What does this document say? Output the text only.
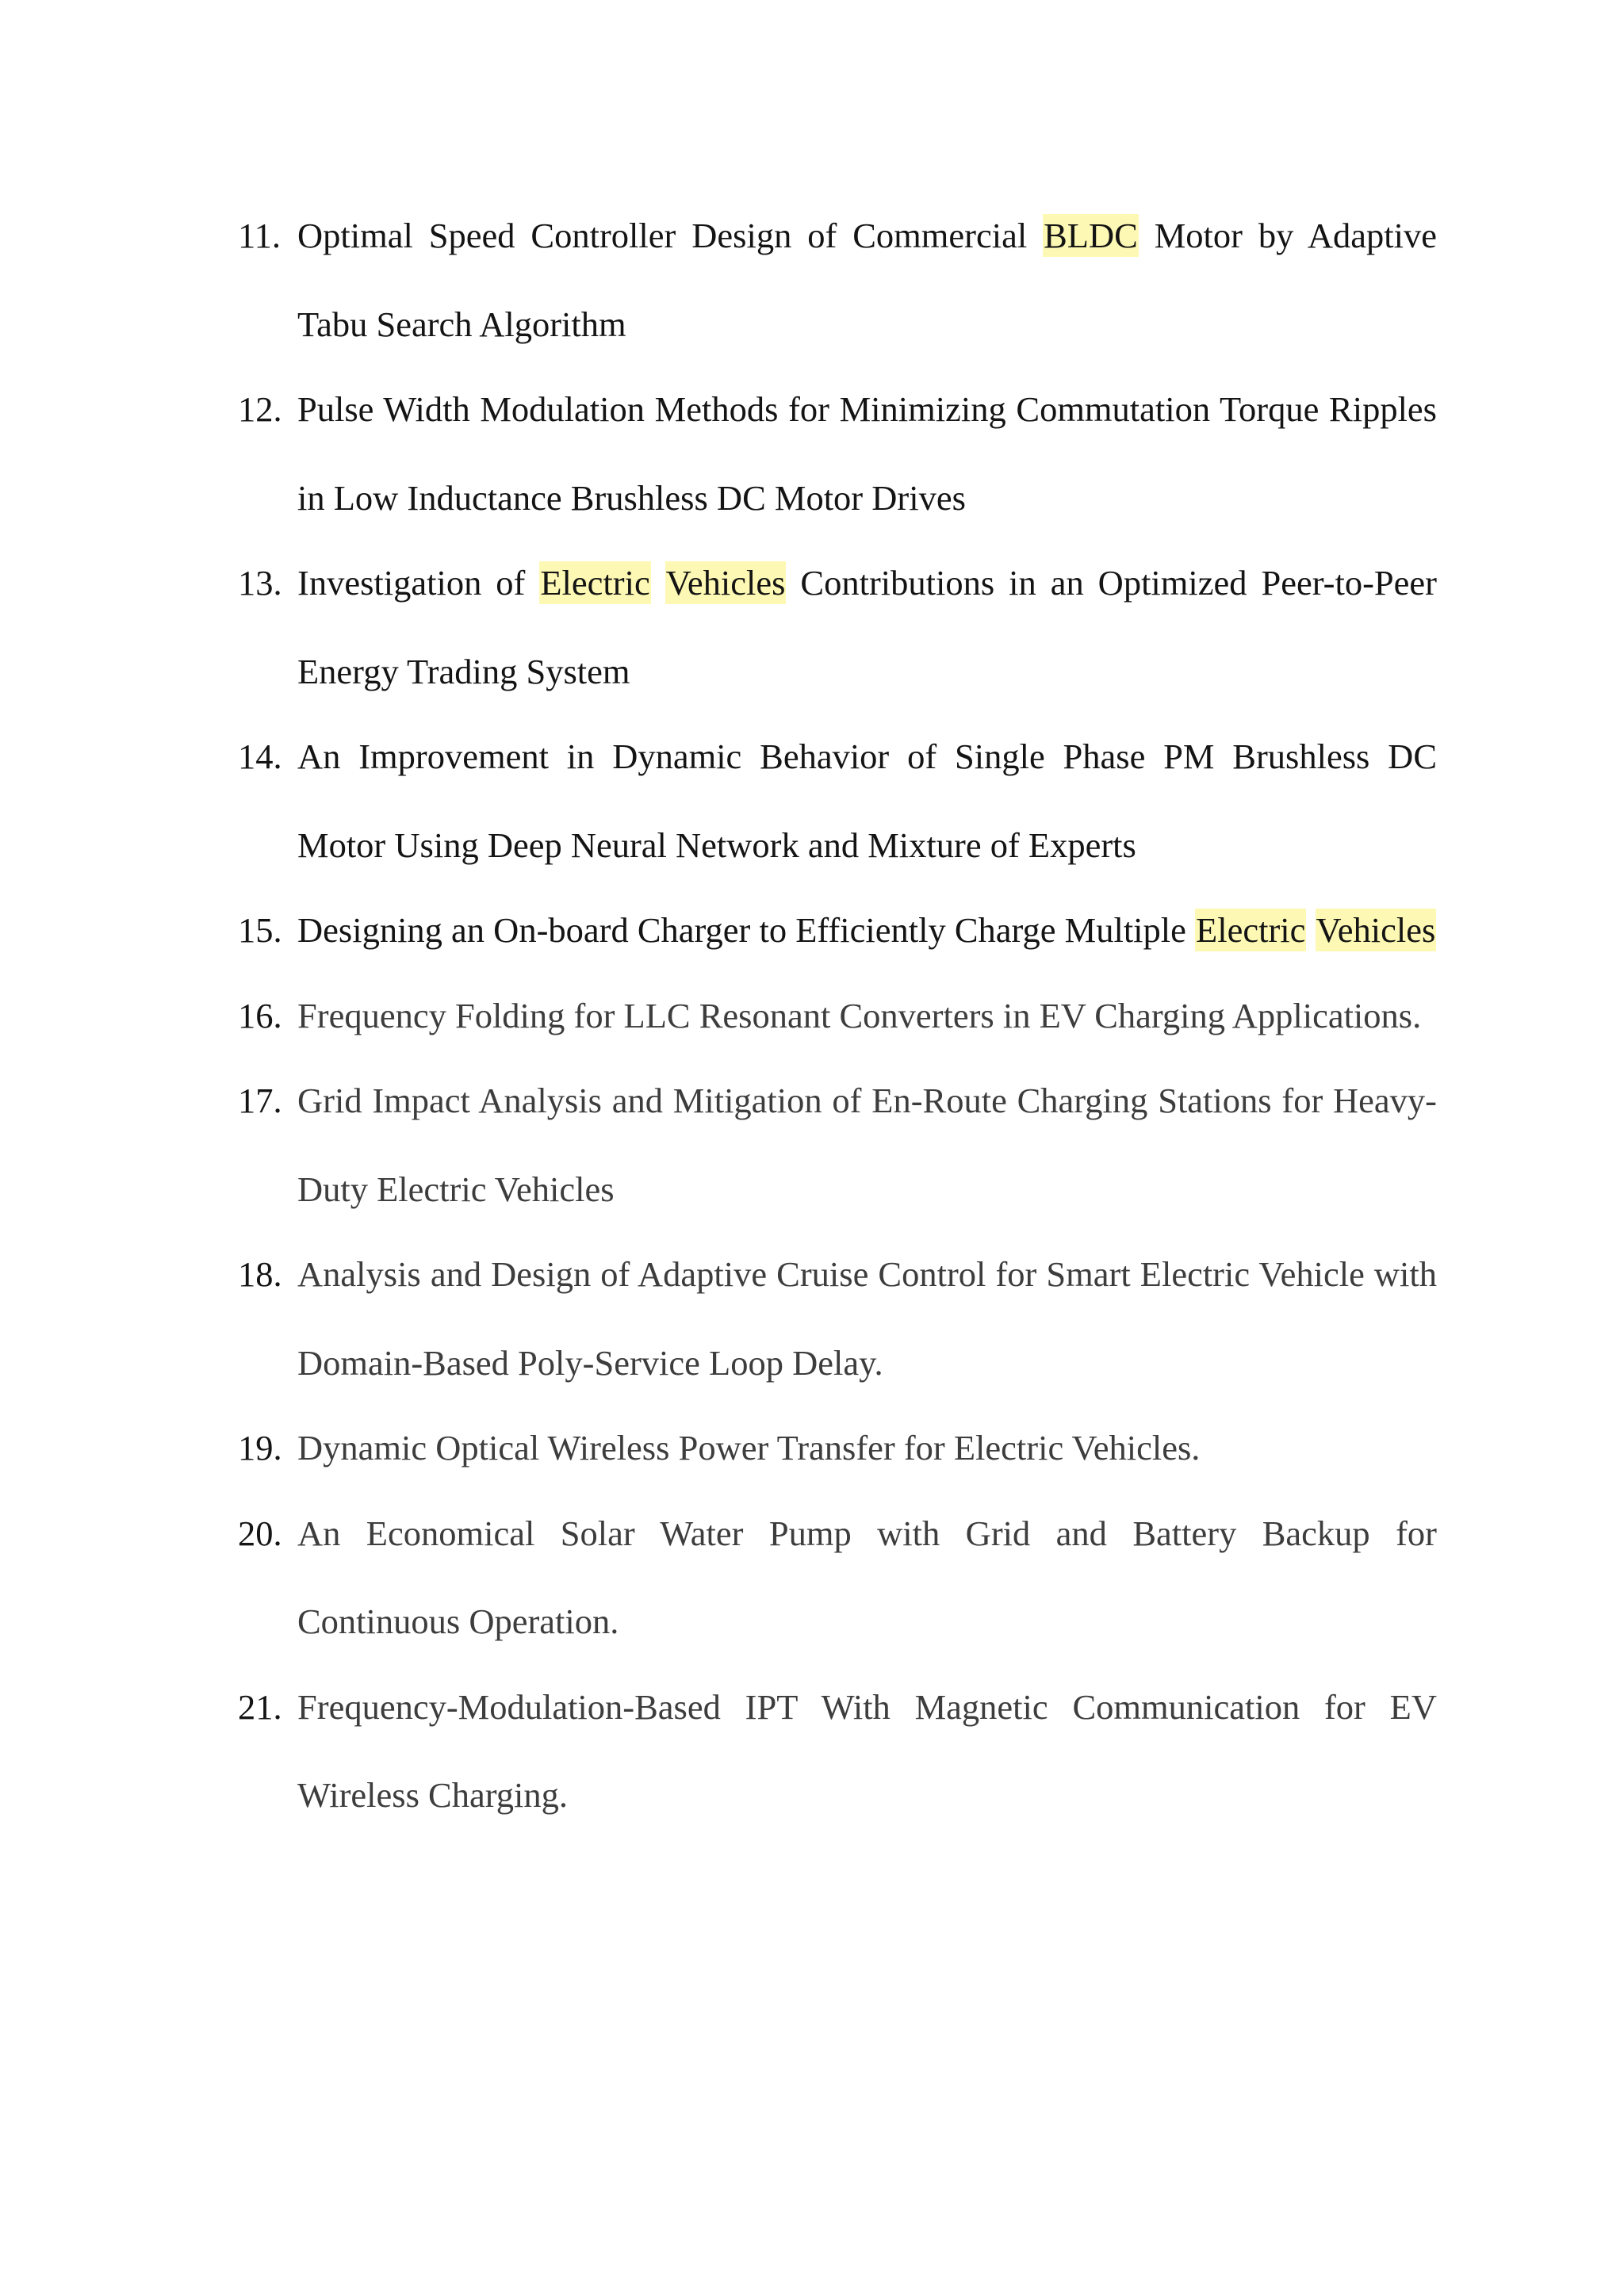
11. Optimal Speed Controller Design of Commercial BLDC Motor by Adaptive Tabu Search Algorithm
12. Pulse Width Modulation Methods for Minimizing Commutation Torque Ripples in Low Inductance Brushless DC Motor Drives
13. Investigation of Electric Vehicles Contributions in an Optimized Peer-to-Peer Energy Trading System
14. An Improvement in Dynamic Behavior of Single Phase PM Brushless DC Motor Using Deep Neural Network and Mixture of Experts
15. Designing an On-board Charger to Efficiently Charge Multiple Electric Vehicles
16. Frequency Folding for LLC Resonant Converters in EV Charging Applications.
17. Grid Impact Analysis and Mitigation of En-Route Charging Stations for Heavy-Duty Electric Vehicles
18. Analysis and Design of Adaptive Cruise Control for Smart Electric Vehicle with Domain-Based Poly-Service Loop Delay.
19. Dynamic Optical Wireless Power Transfer for Electric Vehicles.
20. An Economical Solar Water Pump with Grid and Battery Backup for Continuous Operation.
21. Frequency-Modulation-Based IPT With Magnetic Communication for EV Wireless Charging.
